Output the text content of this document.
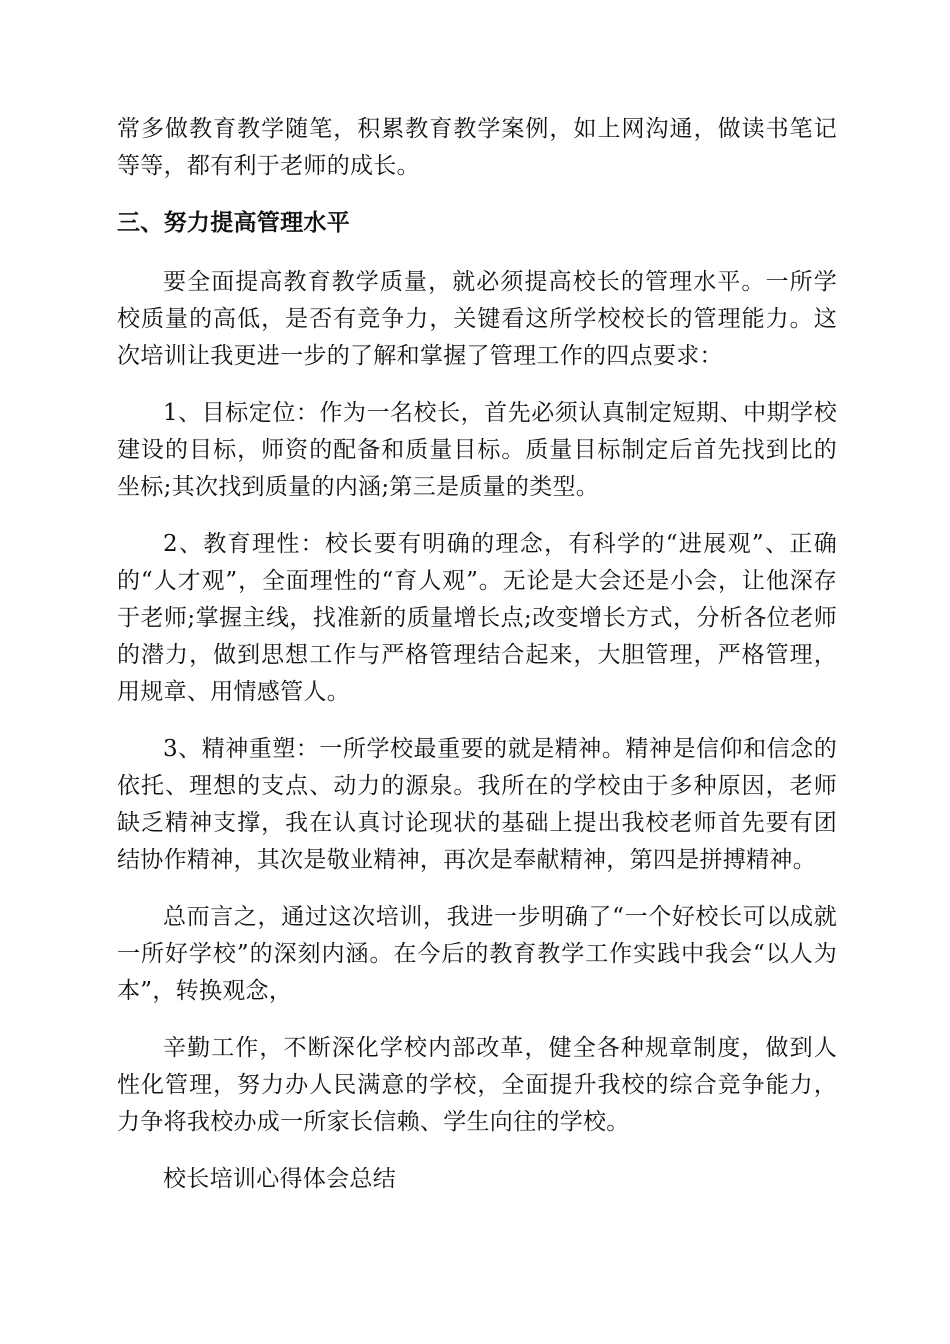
常多做教育教学随笔，积累教育教学案例，如上网沟通，做读书笔记等等，都有利于老师的成长。

三、努力提高管理水平

要全面提高教育教学质量，就必须提高校长的管理水平。一所学校质量的高低，是否有竞争力，关键看这所学校校长的管理能力。这次培训让我更进一步的了解和掌握了管理工作的四点要求：

1、目标定位：作为一名校长，首先必须认真制定短期、中期学校建设的目标，师资的配备和质量目标。质量目标制定后首先找到比的坐标;其次找到质量的内涵;第三是质量的类型。

2、教育理性：校长要有明确的理念，有科学的“进展观”、正确的“人才观”，全面理性的“育人观”。无论是大会还是小会，让他深存于老师;掌握主线，找准新的质量增长点;改变增长方式，分析各位老师的潜力，做到思想工作与严格管理结合起来，大胆管理，严格管理，用规章、用情感管人。

3、精神重塑：一所学校最重要的就是精神。精神是信仰和信念的依托、理想的支点、动力的源泉。我所在的学校由于多种原因，老师缺乏精神支撑，我在认真讨论现状的基础上提出我校老师首先要有团结协作精神，其次是敬业精神，再次是奉献精神，第四是拼搏精神。

总而言之，通过这次培训，我进一步明确了“一个好校长可以成就一所好学校”的深刻内涵。在今后的教育教学工作实践中我会“以人为本”，转换观念，

辛勤工作，不断深化学校内部改革，健全各种规章制度，做到人性化管理，努力办人民满意的学校，全面提升我校的综合竞争能力，力争将我校办成一所家长信赖、学生向往的学校。

校长培训心得体会总结
